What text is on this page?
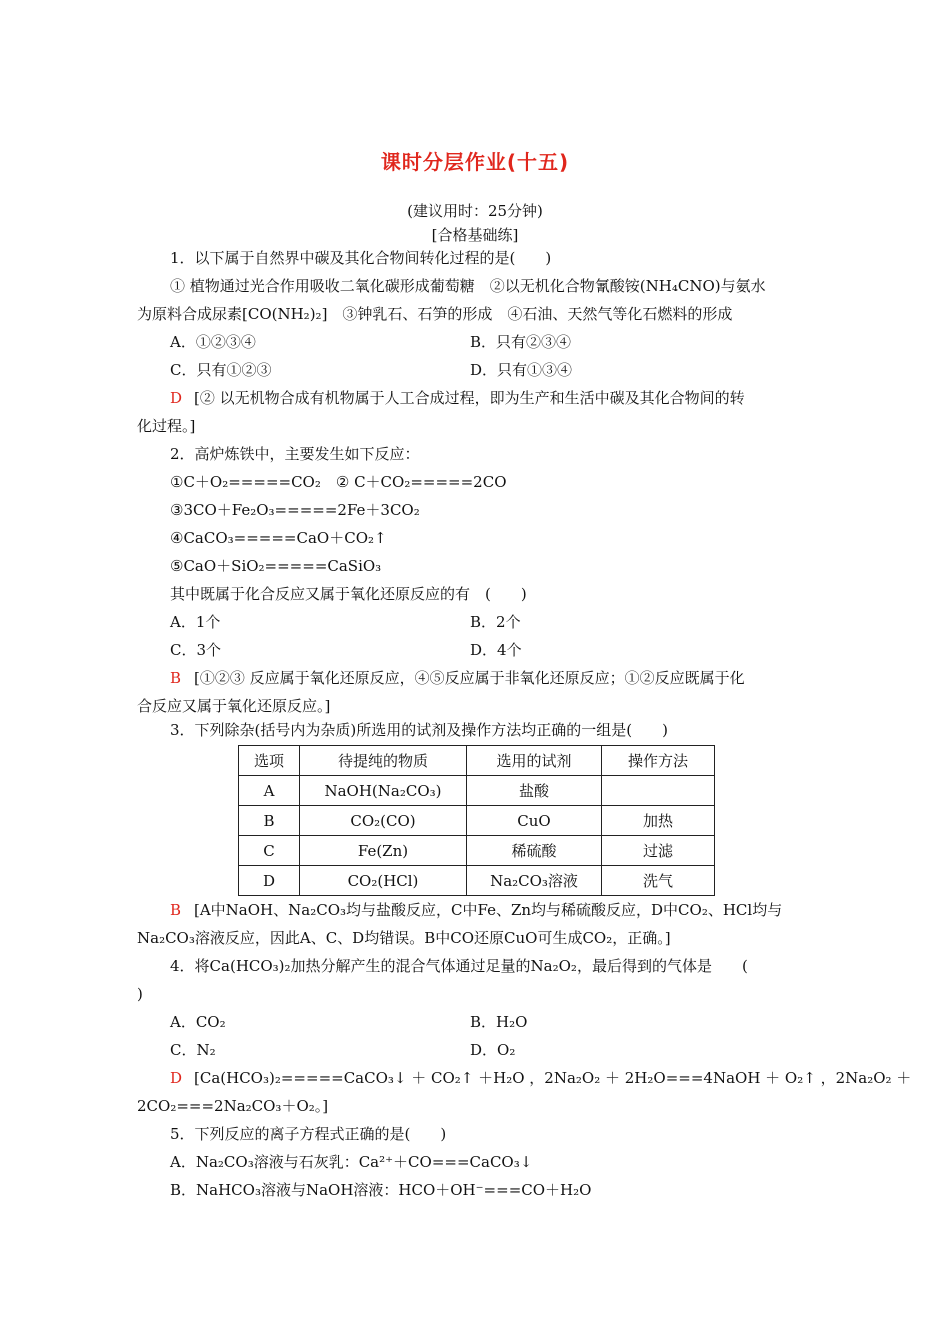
课时分层作业(十五)
(建议用时：25分钟)
[合格基础练]
1．以下属于自然界中碳及其化合物间转化过程的是(　　)
① 植物通过光合作用吸收二氧化碳形成葡萄糖　②以无机化合物氰酸铵(NH₄CNO)与氨水
为原料合成尿素[CO(NH₂)₂]　③钟乳石、石笋的形成　④石油、天然气等化石燃料的形成
A．①②③④	B．只有②③④
C．只有①②③	D．只有①③④
D [② 以无机物合成有机物属于人工合成过程，即为生产和生活中碳及其化合物间的转
化过程。]
2．高炉炼铁中，主要发生如下反应：
①C＋O₂=====CO₂　② C＋CO₂=====2CO
③3CO＋Fe₂O₃=====2Fe＋3CO₂
④CaCO₃=====CaO＋CO₂↑
⑤CaO＋SiO₂=====CaSiO₃
其中既属于化合反应又属于氧化还原反应的有　(　　)
A．1个	B．2个
C．3个	D．4个
B [①②③ 反应属于氧化还原反应，④⑤反应属于非氧化还原反应；①②反应既属于化
合反应又属于氧化还原反应。]
3．下列除杂(括号内为杂质)所选用的试剂及操作方法均正确的一组是(　　)
选项	待提纯的物质	选用的试剂	操作方法
A	NaOH(Na₂CO₃)	盐酸	
B	CO₂(CO)	CuO	加热
C	Fe(Zn)	稀硫酸	过滤
D	CO₂(HCl)	Na₂CO₃溶液	洗气
B [A中NaOH、Na₂CO₃均与盐酸反应，C中Fe、Zn均与稀硫酸反应，D中CO₂、HCl均与
Na₂CO₃溶液反应，因此A、C、D均错误。B中CO还原CuO可生成CO₂，正确。]
4．将Ca(HCO₃)₂加热分解产生的混合气体通过足量的Na₂O₂，最后得到的气体是　　(
)
A．CO₂	B．H₂O
C．N₂	D．O₂
D [Ca(HCO₃)₂=====CaCO₃↓ ＋ CO₂↑ ＋H₂O ，2Na₂O₂ ＋ 2H₂O===4NaOH ＋ O₂↑ ，2Na₂O₂ ＋
2CO₂===2Na₂CO₃＋O₂。]
5．下列反应的离子方程式正确的是(　　)
A．Na₂CO₃溶液与石灰乳：Ca²⁺＋CO===CaCO₃↓
B．NaHCO₃溶液与NaOH溶液：HCO＋OH⁻===CO＋H₂O
